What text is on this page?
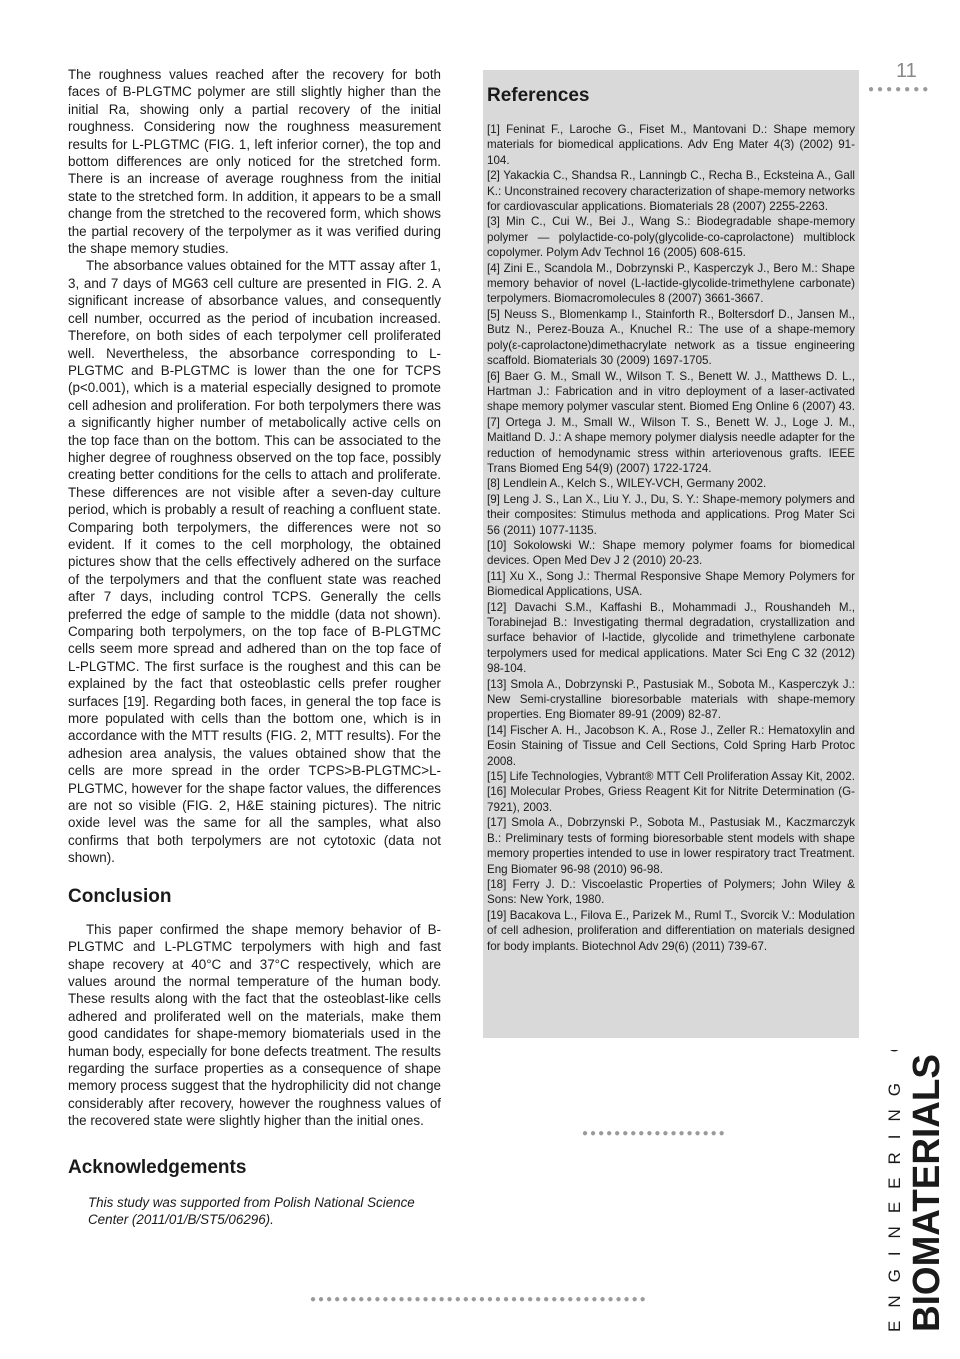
11
●●●●●●●

The roughness values reached after the recovery for both faces of B-PLGTMC polymer are still slightly higher than the initial Ra, showing only a partial recovery of the initial roughness. Considering now the roughness measurement results for L-PLGTMC (FIG. 1, left inferior corner), the top and bottom differences are only noticed for the stretched form. There is an increase of average roughness from the initial state to the stretched form. In addition, it appears to be a small change from the stretched to the recovered form, which shows the partial recovery of the terpolymer as it was verified during the shape memory studies.

The absorbance values obtained for the MTT assay after 1, 3, and 7 days of MG63 cell culture are presented in FIG. 2. A significant increase of absorbance values, and consequently cell number, occurred as the period of incubation increased. Therefore, on both sides of each terpolymer cell proliferated well. Nevertheless, the absorbance corresponding to L-PLGTMC and B-PLGTMC is lower than the one for TCPS (p<0.001), which is a material especially designed to promote cell adhesion and proliferation. For both terpolymers there was a significantly higher number of metabolically active cells on the top face than on the bottom. This can be associated to the higher degree of roughness observed on the top face, possibly creating better conditions for the cells to attach and proliferate. These differences are not visible after a seven-day culture period, which is probably a result of reaching a confluent state. Comparing both terpolymers, the differences were not so evident. If it comes to the cell morphology, the obtained pictures show that the cells effectively adhered on the surface of the terpolymers and that the confluent state was reached after 7 days, including control TCPS. Generally the cells preferred the edge of sample to the middle (data not shown). Comparing both terpolymers, on the top face of B-PLGTMC cells seem more spread and adhered than on the top face of L-PLGTMC. The first surface is the roughest and this can be explained by the fact that osteoblastic cells prefer rougher surfaces [19]. Regarding both faces, in general the top face is more populated with cells than the bottom one, which is in accordance with the MTT results (FIG. 2, MTT results). For the adhesion area analysis, the values obtained show that the cells are more spread in the order TCPS>B-PLGTMC>L-PLGTMC, however for the shape factor values, the differences are not so visible (FIG. 2, H&E staining pictures). The nitric oxide level was the same for all the samples, what also confirms that both terpolymers are not cytotoxic (data not shown).

Conclusion

This paper confirmed the shape memory behavior of B-PLGTMC and L-PLGTMC terpolymers with high and fast shape recovery at 40°C and 37°C respectively, which are values around the normal temperature of the human body. These results along with the fact that the osteoblast-like cells adhered and proliferated well on the materials, make them good candidates for shape-memory biomaterials used in the human body, especially for bone defects treatment. The results regarding the surface properties as a consequence of shape memory process suggest that the hydrophilicity did not change considerably after recovery, however the roughness values of the recovered state were slightly higher than the initial ones.

Acknowledgements

This study was supported from Polish National Science Center (2011/01/B/ST5/06296).

References
[1] Feninat F., Laroche G., Fiset M., Mantovani D.: Shape memory materials for biomedical applications. Adv Eng Mater 4(3) (2002) 91-104.
[2] Yakackia C., Shandsa R., Lanningb C., Recha B., Ecksteina A., Gall K.: Unconstrained recovery characterization of shape-memory networks for cardiovascular applications. Biomaterials 28 (2007) 2255-2263.
[3] Min C., Cui W., Bei J., Wang S.: Biodegradable shape-memory polymer — polylactide-co-poly(glycolide-co-caprolactone) multiblock copolymer. Polym Adv Technol 16 (2005) 608-615.
[4] Zini E., Scandola M., Dobrzynski P., Kasperczyk J., Bero M.: Shape memory behavior of novel (L-lactide-glycolide-trimethylene carbonate) terpolymers. Biomacromolecules 8 (2007) 3661-3667.
[5] Neuss S., Blomenkamp I., Stainforth R., Boltersdorf D., Jansen M., Butz N., Perez-Bouza A., Knuchel R.: The use of a shape-memory poly(ε-caprolactone)dimethacrylate network as a tissue engineering scaffold. Biomaterials 30 (2009) 1697-1705.
[6] Baer G. M., Small W., Wilson T. S., Benett W. J., Matthews D. L., Hartman J.: Fabrication and in vitro deployment of a laser-activated shape memory polymer vascular stent. Biomed Eng Online 6 (2007) 43.
[7] Ortega J. M., Small W., Wilson T. S., Benett W. J., Loge J. M., Maitland D. J.: A shape memory polymer dialysis needle adapter for the reduction of hemodynamic stress within arteriovenous grafts. IEEE Trans Biomed Eng 54(9) (2007) 1722-1724.
[8] Lendlein A., Kelch S., WILEY-VCH, Germany 2002.
[9] Leng J. S., Lan X., Liu Y. J., Du, S. Y.: Shape-memory polymers and their composites: Stimulus methoda and applications. Prog Mater Sci 56 (2011) 1077-1135.
[10] Sokolowski W.: Shape memory polymer foams for biomedical devices. Open Med Dev J 2 (2010) 20-23.
[11] Xu X., Song J.: Thermal Responsive Shape Memory Polymers for Biomedical Applications, USA.
[12] Davachi S.M., Kaffashi B., Mohammadi J., Roushandeh M., Torabinejad B.: Investigating thermal degradation, crystallization and surface behavior of l-lactide, glycolide and trimethylene carbonate terpolymers used for medical applications. Mater Sci Eng C 32 (2012) 98-104.
[13] Smola A., Dobrzynski P., Pastusiak M., Sobota M., Kasperczyk J.: New Semi-crystalline bioresorbable materials with shape-memory properties. Eng Biomater 89-91 (2009) 82-87.
[14] Fischer A. H., Jacobson K. A., Rose J., Zeller R.: Hematoxylin and Eosin Staining of Tissue and Cell Sections, Cold Spring Harb Protoc 2008.
[15] Life Technologies, Vybrant® MTT Cell Proliferation Assay Kit, 2002.
[16] Molecular Probes, Griess Reagent Kit for Nitrite Determination (G-7921), 2003.
[17] Smola A., Dobrzynski P., Sobota M., Pastusiak M., Kaczmarczyk B.: Preliminary tests of forming bioresorbable stent models with shape memory properties intended to use in lower respiratory tract Treatment. Eng Biomater 96-98 (2010) 96-98.
[18] Ferry J. D.: Viscoelastic Properties of Polymers; John Wiley & Sons: New York, 1980.
[19] Bacakova L., Filova E., Parizek M., Ruml T., Svorcik V.: Modulation of cell adhesion, proliferation and differentiation on materials designed for body implants. Biotechnol Adv 29(6) (2011) 739-67.
●●●●●●●●●●●●●●●●●●
●●●●●●●●●●●●●●●●●●●●●●●●●●●●●●●●●●●●●●●●●●	ENGINEERING OF BIOMATERIALS
